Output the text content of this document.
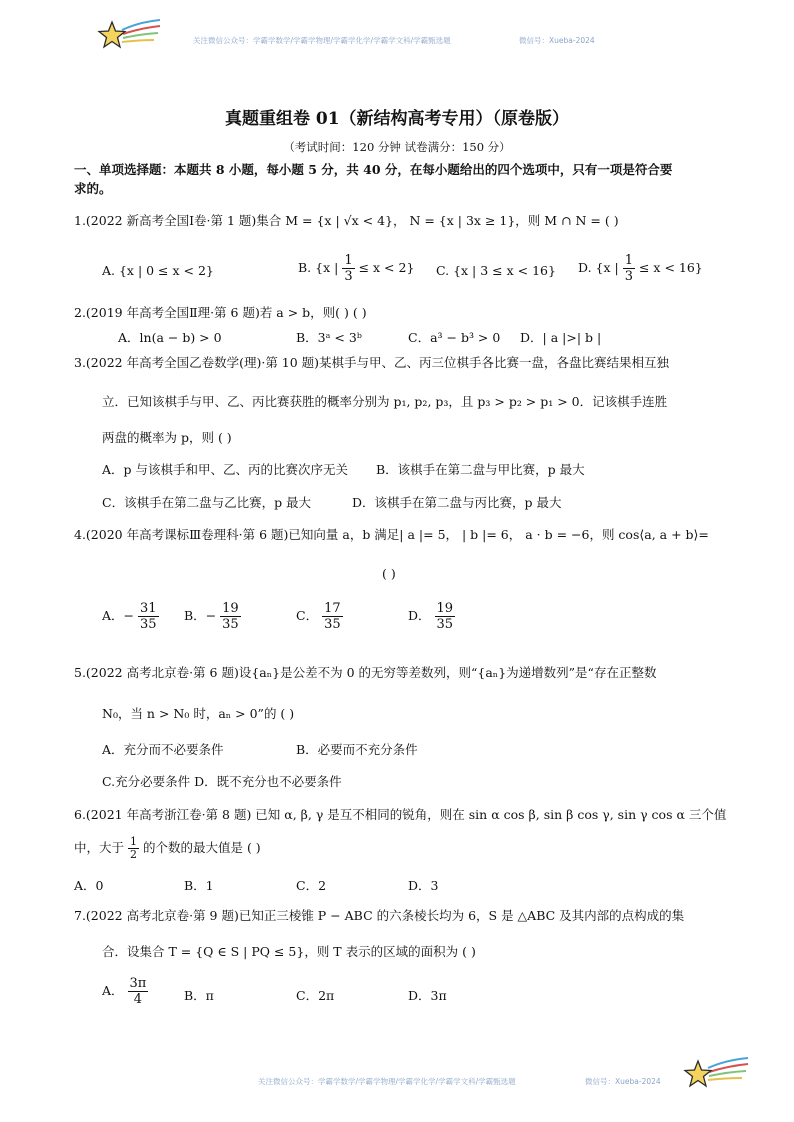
关注微信公众号：学霸学数学/学霸学物理/学霸学化学/学霸学文科/学霸甄选题	微信号：Xueba-2024
真题重组卷 01（新结构高考专用）（原卷版）
（考试时间：120 分钟 试卷满分：150 分）
一、单项选择题：本题共 8 小题，每小题 5 分，共 40 分，在每小题给出的四个选项中，只有一项是符合要
求的。
1.(2022 新高考全国Ⅰ卷·第 1 题)集合 M = {x | √x < 4}， N = {x | 3x ≥ 1}，则 M ∩ N = ( )
A. {x | 0 ≤ x < 2}	B. {x | $\frac{1}{3} \le x < 2$} C. {x | 3 ≤ x < 16} D. {x | $\frac{1}{3} \le x < 16$}
2.(2019 年高考全国Ⅱ理·第 6 题)若 a > b，则( ) ( )
A．ln(a − b) > 0	B．3ᵃ < 3ᵇ	C．a³ − b³ > 0 D．| a |>| b |
3.(2022 年高考全国乙卷数学(理)·第 10 题)某棋手与甲、乙、丙三位棋手各比赛一盘，各盘比赛结果相互独
立．已知该棋手与甲、乙、丙比赛获胜的概率分别为 p₁, p₂, p₃，且 p₃ > p₂ > p₁ > 0．记该棋手连胜
两盘的概率为 p，则 ( )
A．p 与该棋手和甲、乙、丙的比赛次序无关 B．该棋手在第二盘与甲比赛，p 最大
C．该棋手在第二盘与乙比赛，p 最大	D．该棋手在第二盘与丙比赛，p 最大
4.(2020 年高考课标Ⅲ卷理科·第 6 题)已知向量 a，b 满足| a |= 5， | b |= 6， a · b = −6，则 cos⟨a, a + b⟩=
( )
A．− $\frac{31}{35}$ B．− $\frac{19}{35}$	C． $\frac{17}{35}$	D． $\frac{19}{35}$
5.(2022 高考北京卷·第 6 题)设{aₙ}是公差不为 0 的无穷等差数列，则“{aₙ}为递增数列”是“存在正整数
N₀，当 n > N₀ 时，aₙ > 0”的 ( )
A．充分而不必要条件	B．必要而不充分条件
C.充分必要条件 D．既不充分也不必要条件
6.(2021 年高考浙江卷·第 8 题) 已知 α, β, γ 是互不相同的锐角，则在 sin α cos β, sin β cos γ, sin γ cos α 三个值
中，大于 $\frac{1}{2}$ 的个数的最大值是 ( )
A．0	B．1	C．2	D．3
7.(2022 高考北京卷·第 9 题)已知正三棱锥 P − ABC 的六条棱长均为 6，S 是 △ABC 及其内部的点构成的集
合．设集合 T = {Q ∈ S | PQ ≤ 5}，则 T 表示的区域的面积为 ( )
A． $\frac{3\pi}{4}$	B．π	C．2π	D．3π
关注微信公众号：学霸学数学/学霸学物理/学霸学化学/学霸学文科/学霸甄选题	微信号：Xueba-2024
